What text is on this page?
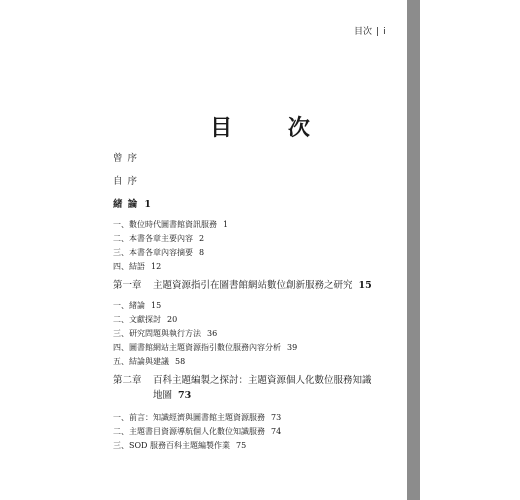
目次 | i
目 次
曾 序
自 序
緒 論 1
一、數位時代圖書館資訊服務 1
二、本書各章主要內容 2
三、本書各章內容摘要 8
四、結語 12
第一章 主題資源指引在圖書館網站數位創新服務之研究 15
一、緒論 15
二、文獻探討 20
三、研究問題與執行方法 36
四、圖書館網站主題資源指引數位服務內容分析 39
五、結論與建議 58
第二章 百科主題編製之探討：主題資源個人化數位服務知識
地圖 73
一、前言：知識經濟與圖書館主題資源服務 73
二、主題書目資源導航個人化數位知識服務 74
三、SOD 服務百科主題編製作業 75
